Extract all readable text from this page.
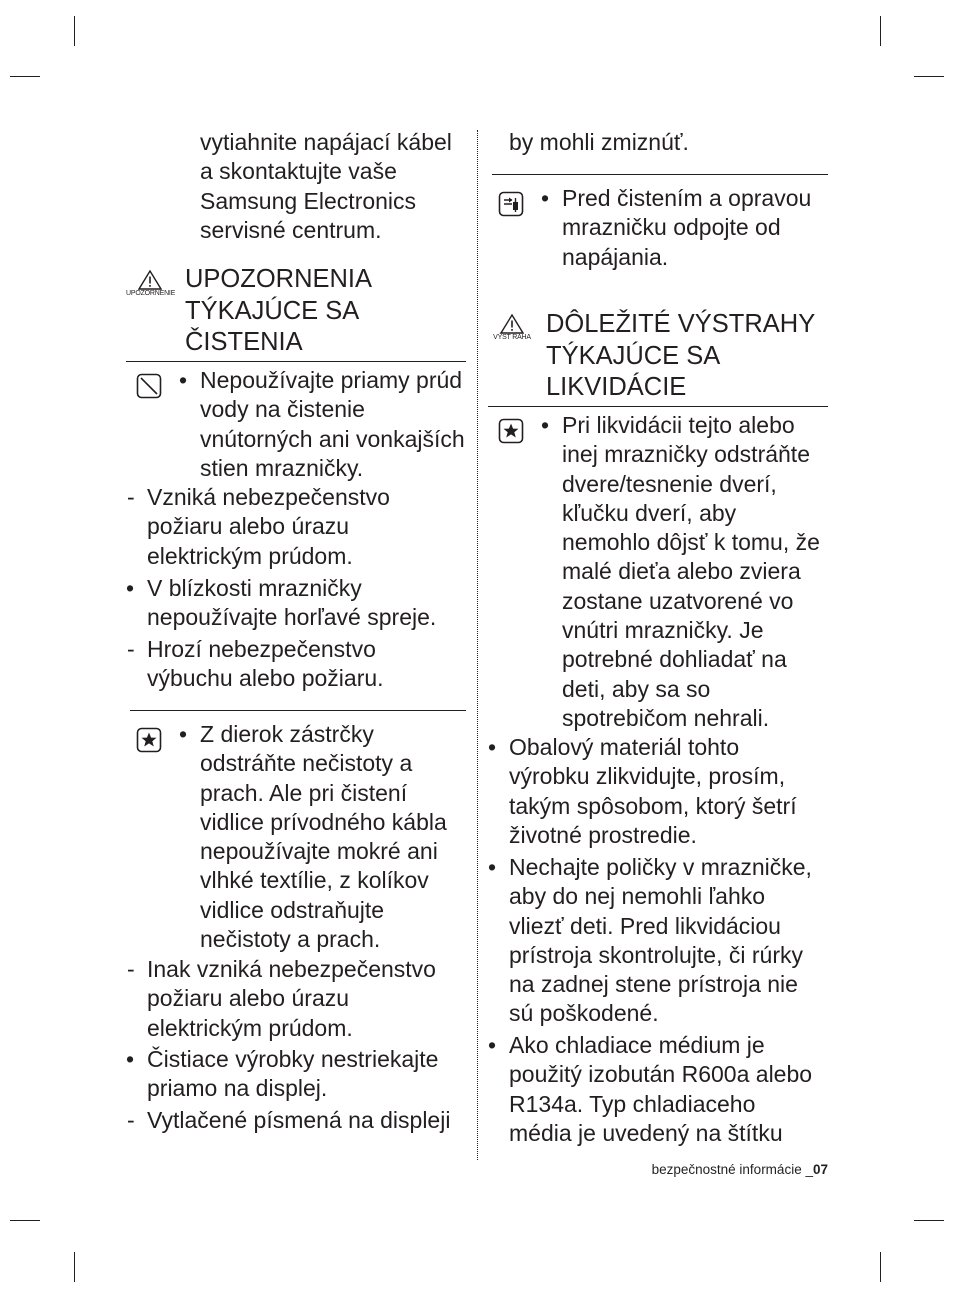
vytiahnite napájací kábel
a skontaktujte vaše
Samsung Electronics
servisné centrum.

UPOZORNENIE
UPOZORNENIA
TÝKAJÚCE SA
ČISTENIA
• Nepoužívajte priamy prúd
vody na čistenie
vnútorných ani vonkajších
stien mrazničky.

- Vzniká nebezpečenstvo
požiaru alebo úrazu
elektrickým prúdom.

• V blízkosti mrazničky
nepoužívajte horľavé spreje.

- Hrozí nebezpečenstvo
výbuchu alebo požiaru.

• Z dierok zástrčky
odstráňte nečistoty a
prach. Ale pri čistení
vidlice prívodného kábla
nepoužívajte mokré ani
vlhké textílie, z kolíkov
vidlice odstraňujte
nečistoty a prach.

- Inak vzniká nebezpečenstvo
požiaru alebo úrazu
elektrickým prúdom.

• Čistiace výrobky nestriekajte
priamo na displej.

- Vytlačené písmená na displeji

by mohli zmiznúť.

• Pred čistením a opravou
mrazničku odpojte od
napájania.

VÝST RAHA DÔLEŽITÉ VÝSTRAHY
TÝKAJÚCE SA
LIKVIDÁCIE
• Pri likvidácii tejto alebo
inej mrazničky odstráňte
dvere/tesnenie dverí,
kľučku dverí, aby
nemohlo dôjsť k tomu, že
malé dieťa alebo zviera
zostane uzatvorené vo
vnútri mrazničky. Je
potrebné dohliadať na
deti, aby sa so
spotrebičom nehrali.

• Obalový materiál tohto
výrobku zlikvidujte, prosím,
takým spôsobom, ktorý šetrí
životné prostredie.

• Nechajte poličky v mrazničke,
aby do nej nemohli ľahko
vliezť deti. Pred likvidáciou
prístroja skontrolujte, či rúrky
na zadnej stene prístroja nie
sú poškodené.

• Ako chladiace médium je
použitý izobután R600a alebo
R134a. Typ chladiaceho
média je uvedený na štítku

bezpečnostné informácie _07
